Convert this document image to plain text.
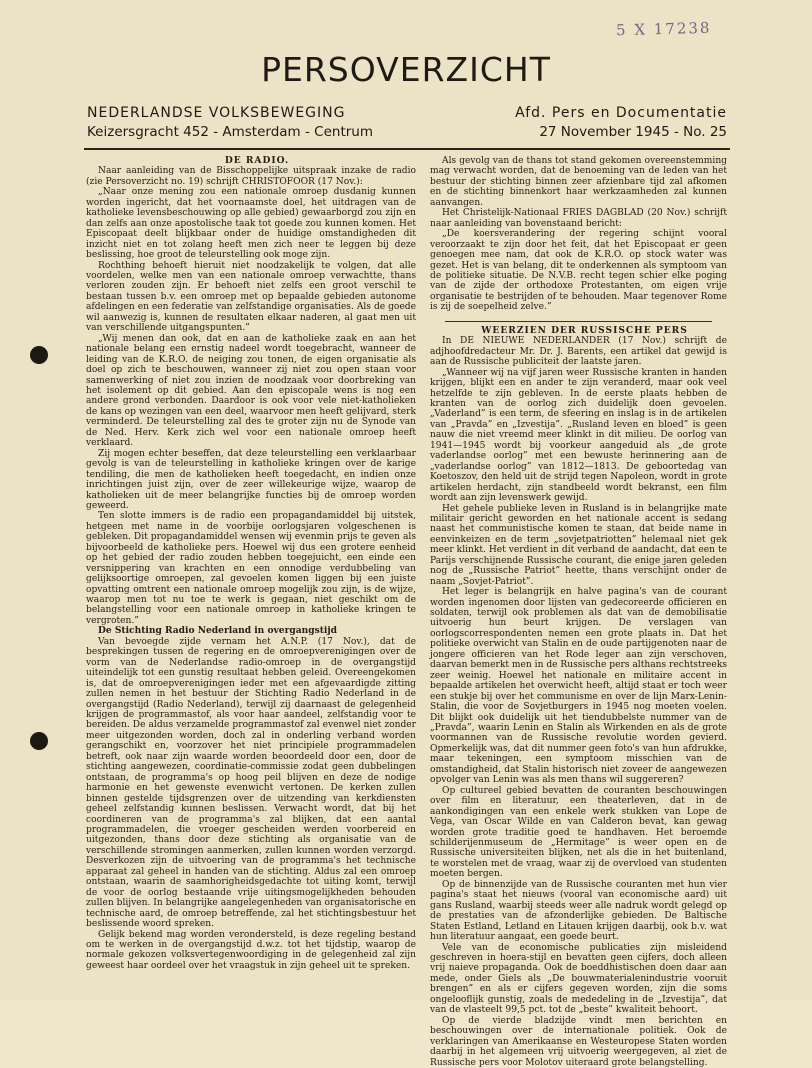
5 X 17238
PERSOVERZICHT
NEDERLANDSE VOLKSBEWEGING
Keizersgracht 452 - Amsterdam - Centrum
Afd. Pers en Documentatie
27 November 1945 - No. 25

DE RADIO.

Naar aanleiding van de Bisschoppelijke uitspraak inzake de radio (zie Persoverzicht no. 19) schrijft CHRISTOFOOR (17 Nov.):

„Naar onze mening zou een nationale omroep dusdanig kunnen worden ingericht, dat het voornaamste doel, het uitdragen van de katholieke levensbeschouwing op alle gebied) gewaarborgd zou zijn en dan zelfs aan onze apostolische taak tot goede zou kunnen komen. Het Episcopaat deelt blijkbaar onder de huidige omstandigheden dit inzicht niet en tot zolang heeft men zich neer te leggen bij deze beslissing, hoe groot de teleurstelling ook moge zijn.

Rochthing behoeft hieruit niet noodzakelijk te volgen, dat alle voordelen, welke men van een nationale omroep verwachtte, thans verloren zouden zijn. Er behoeft niet zelfs een groot verschil te bestaan tussen b.v. een omroep met op bepaalde gebieden autonome afdelingen en een federatie van zelfstandige organisaties. Als de goede wil aanwezig is, kunnen de resultaten elkaar naderen, al gaat men uit van verschillende uitgangspunten.”

„Wij menen dan ook, dat en aan de katholieke zaak en aan het nationale belang een ernstig nadeel wordt toegebracht, wanneer de leiding van de K.R.O. de neiging zou tonen, de eigen organisatie als doel op zich te beschouwen, wanneer zij niet zou open staan voor samenwerking of niet zou inzien de noodzaak voor doorbreking van het isolement op dit gebied. Aan den episcopale wens is nog een andere grond verbonden. Daardoor is ook voor vele niet-katholieken de kans op wezingen van een deel, waarvoor men heeft gelijvard, sterk verminderd. De teleurstelling zal des te groter zijn nu de Synode van de Ned. Herv. Kerk zich wel voor een nationale omroep heeft verklaard.

Zij mogen echter beseffen, dat deze teleurstelling een verklaarbaar gevolg is van de teleurstelling in katholieke kringen over de karige tendiling, die men de katholieken heeft toegedacht, en indien onze inrichtingen juist zijn, over de zeer willekeurige wijze, waarop de katholieken uit de meer belangrijke functies bij de omroep worden geweerd.

Ten slotte immers is de radio een propagandamiddel bij uitstek, hetgeen met name in de voorbije oorlogsjaren volgeschenen is gebleken. Dit propagandamiddel wensen wij evenmin prijs te geven als bijvoorbeeld de katholieke pers. Hoewel wij dus een grotere eenheid op het gebied der radio zouden hebben toegejuicht, een einde een versnippering van krachten en een onnodige verdubbeling van gelijksoortige omroepen, zal gevoelen komen liggen bij een juiste opvatting omtrent een nationale omroep mogelijk zou zijn, is de wijze, waarop men tot nu toe te werk is gegaan, niet geschikt om de belangstelling voor een nationale omroep in katholieke kringen te vergroten.”

De Stichting Radio Nederland in overgangstijd

Van bevoegde zijde vernam het A.N.P. (17 Nov.), dat de besprekingen tussen de regering en de omroepverenigingen over de vorm van de Nederlandse radio-omroep in de overgangstijd uiteindelijk tot een gunstig resultaat hebben geleid. Overeengekomen is, dat de omroepverenigingen ieder met een afgevaardigde zitting zullen nemen in het bestuur der Stichting Radio Nederland in de overgangstijd (Radio Nederland), terwijl zij daarnaast de gelegenheid krijgen de programmastof, als voor haar aandeel, zelfstandig voor te bereiden. De aldus verzamelde programmastof zal evenwel niet zonder meer uitgezonden worden, doch zal in onderling verband worden gerangschikt en, voorzover het niet principiele programmadelen betreft, ook naar zijn waarde worden beoordeeld door een, door de stichting aangewezen, coordinatie-commissie zodat geen dubbelingen ontstaan, de programma's op hoog peil blijven en deze de nodige harmonie en het gewenste evenwicht vertonen. De kerken zullen binnen gestelde tijdsgrenzen over de uitzending van kerkdiensten geheel zelfstandig kunnen beslissen. Verwacht wordt, dat bij het coordineren van de programma's zal blijken, dat een aantal programmadelen, die vroeger gescheiden werden voorbereid en uitgezonden, thans door deze stichting als organisatie van de verschillende stromingen aanmerken, zullen kunnen worden verzorgd. Desverkozen zijn de uitvoering van de programma's het technische apparaat zal geheel in handen van de stichting. Aldus zal een omroep ontstaan, waarin de saamhorigheidsgedachte tot uiting komt, terwijl de voor de oorlog bestaande vrije uitingsmogelijkheden behouden zullen blijven. In belangrijke aangelegenheden van organisatorische en technische aard, de omroep betreffende, zal het stichtingsbestuur het beslissende woord spreken.

Gelijk bekend mag worden verondersteld, is deze regeling bestand om te werken in de overgangstijd d.w.z. tot het tijdstip, waarop de normale gekozen volksvertegenwoordiging in de gelegenheid zal zijn geweest haar oordeel over het vraagstuk in zijn geheel uit te spreken.

Als gevolg van de thans tot stand gekomen overeenstemming mag verwacht worden, dat de benoeming van de leden van het bestuur der stichting binnen zeer afzienbare tijd zal afkomen en de stichting binnenkort haar werkzaamheden zal kunnen aanvangen.

Het Christelijk-Nationaal FRIES DAGBLAD (20 Nov.) schrijft naar aanleiding van bovenstaand bericht:

„De koersverandering der regering schijnt vooral veroorzaakt te zijn door het feit, dat het Episcopaat er geen genoegen mee nam, dat ook de K.R.O. op stock water was gezet. Het is van belang, dit te onderkennen als symptoom van de politieke situatie. De N.V.B. recht tegen schier elke poging van de zijde der orthodoxe Protestanten, om eigen vrije organisatie te bestrijden of te behouden. Maar tegenover Rome is zij de soepelheid zelve.”

WEERZIEN DER RUSSISCHE PERS

In DE NIEUWE NEDERLANDER (17 Nov.) schrijft de adjhoofdredacteur Mr. Dr. J. Barents, een artikel dat gewijd is aan de Russische publiciteit der laatste jaren.

„Wanneer wij na vijf jaren weer Russische kranten in handen krijgen, blijkt een en ander te zijn veranderd, maar ook veel hetzelfde te zijn gebleven. In de eerste plaats hebben de kranten van de oorlog zich duidelijk doen gevoelen. „Vaderland” is een term, de sfeering en inslag is in de artikelen van „Pravda” en „Izvestija”. „Rusland leven en bloed” is geen nauw die niet vreemd meer klinkt in dit milieu. De oorlog van 1941—1945 wordt bij voorkeur aangeduid als „de grote vaderlandse oorlog” met een bewuste herinnering aan de „vaderlandse oorlog” van 1812—1813. De geboortedag van Koetoszov, den held uit de strijd tegen Napoleon, wordt in grote artikelen herdacht, zijn standbeeld wordt bekranst, een film wordt aan zijn levenswerk gewijd.

Het gehele publieke leven in Rusland is in belangrijke mate militair gericht geworden en het nationale accent is sedang naast het communistische komen te staan, dat beide name in eenvinkeizen en de term „sovjetpatriotten” helemaal niet gek meer klinkt. Het verdient in dit verband de aandacht, dat een te Parijs verschijnende Russische courant, die enige jaren geleden nog de „Russische Patriot” heette, thans verschijnt onder de naam „Sovjet-Patriot”.

Het leger is belangrijk en halve pagina's van de courant worden ingenomen door lijsten van gedecoreerde officieren en soldaten, terwijl ook problemen als dat van de demobilisatie uitvoerig hun beurt krijgen. De verslagen van oorlogscorrespondenten nemen een grote plaats in. Dat het politieke overwicht van Stalin en de oude partijgenoten naar de jongere officieren van het Rode leger aan zijn verschoven, daarvan bemerkt men in de Russische pers althans rechtstreeks zeer weinig. Hoewel het nationale en militaire accent in bepaalde artikelen het overwicht heeft, altijd staat er toch weer een stukje bij over het communisme en over de lijn Marx-Lenin-Stalin, die voor de Sovjetburgers in 1945 nog moeten voelen. Dit blijkt ook duidelijk uit het tiendubbelste nummer van de „Pravda”, waarin Lenin en Stalin als Wirkenden en als de grote voormannen van de Russische revolutie worden gevierd. Opmerkelijk was, dat dit nummer geen foto's van hun afdrukke, maar tekeningen, een symptoom misschien van de omstandigheid, dat Stalin historisch niet zoveer de aangewezen opvolger van Lenin was als men thans wil suggereren?

Op cultureel gebied bevatten de couranten beschouwingen over film en literatuur, een theaterleven, dat in de aankondigingen van een enkele werk stukken van Lope de Vega, van Oscar Wilde en van Calderon bevat, kan gewag worden grote traditie goed te handhaven. Het beroemde schilderijenmuseum de „Hermitage” is weer open en de Russische universiteiten blijken, net als die in het buitenland, te worstelen met de vraag, waar zij de overvloed van studenten moeten bergen.

Op de binnenzijde van de Russische couranten met hun vier pagina's staat het nieuws (vooral van economische aard) uit gans Rusland, waarbij steeds weer alle nadruk wordt gelegd op de prestaties van de afzonderlijke gebieden. De Baltische Staten Estland, Letland en Litauen krijgen daarbij, ook b.v. wat hun literatuur aangaat, een goede beurt.

Vele van de economische publicaties zijn misleidend geschreven in hoera-stijl en bevatten geen cijfers, doch alleen vrij naieve propaganda. Ook de boeddhistischen doen daar aan mede, onder Giels als „De bouwmaterialenindustrie vooruit brengen” en als er cijfers gegeven worden, zijn die soms ongelooflijk gunstig, zoals de mededeling in de „Izvestija”, dat van de vlasteelt 99,5 pct. tot de „beste” kwaliteit behoort.

Op de vierde bladzijde vindt men berichten en beschouwingen over de internationale politiek. Ook de verklaringen van Amerikaanse en Westeuropese Staten worden daarbij in het algemeen vrij uitvoerig weergegeven, al ziet de Russische pers voor Molotov uiteraard grote belangstelling.
